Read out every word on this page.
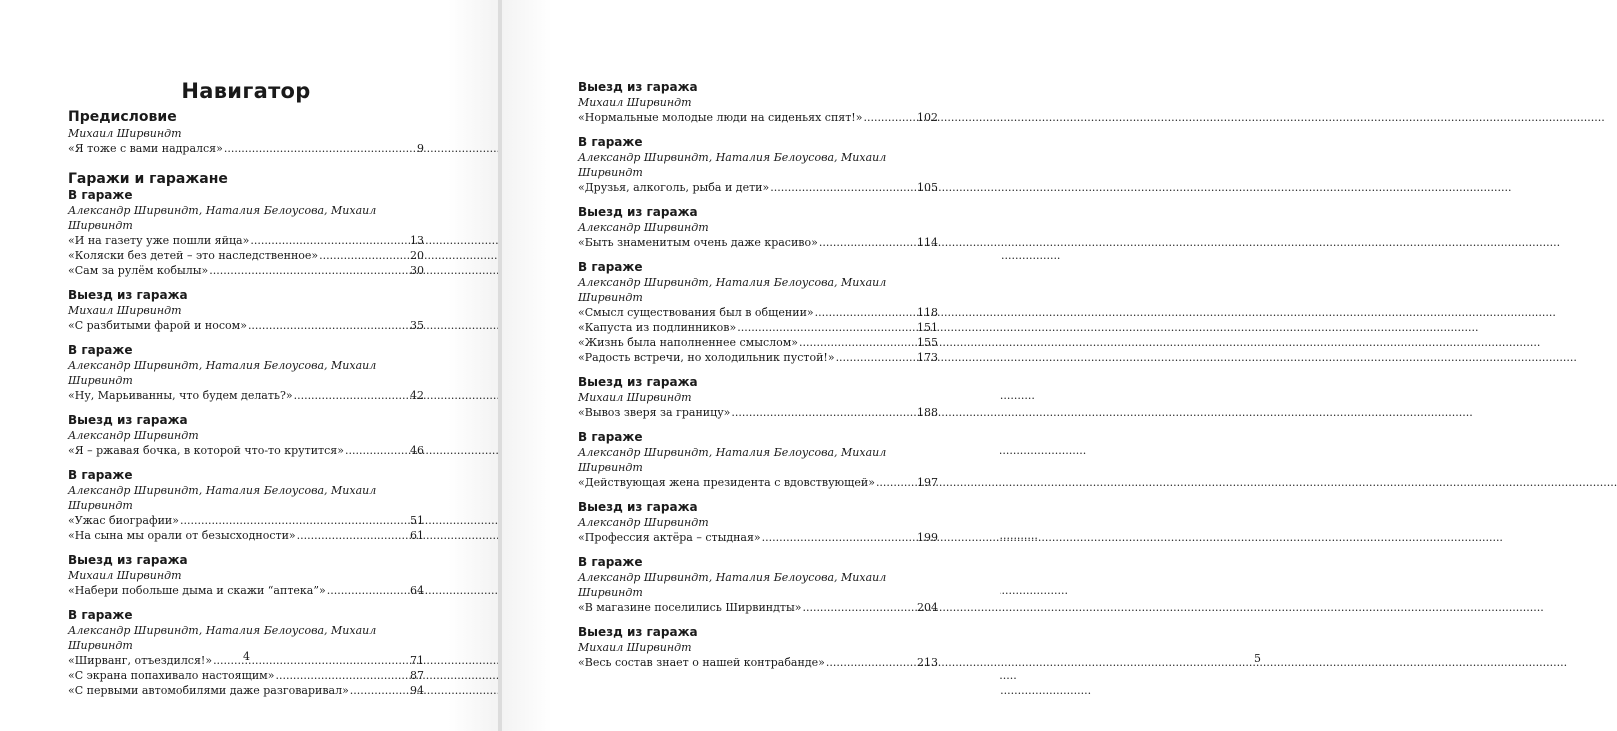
Навигатор
Предисловие
Михаил Ширвиндт
«Я тоже с вами надрался» .....	9
Гаражи и гаражане
В гараже
Александр Ширвиндт, Наталия Белоусова, Михаил Ширвиндт
«И на газету уже пошли яйца» .....	13
«Коляски без детей – это наследственное» .....	20
«Сам за рулём кобылы» .....	30
Выезд из гаража
Михаил Ширвиндт
«С разбитыми фарой и носом» .....	35
В гараже
Александр Ширвиндт, Наталия Белоусова, Михаил Ширвиндт
«Ну, Марьиванны, что будем делать?» .....	42
Выезд из гаража
Александр Ширвиндт
«Я – ржавая бочка, в которой что-то крутится» .....	46
В гараже
Александр Ширвиндт, Наталия Белоусова, Михаил Ширвиндт
«Ужас биографии» .....	51
«На сына мы орали от безысходности» .....	61
Выезд из гаража
Михаил Ширвиндт
«Набери побольше дыма и скажи “аптека”» .....	64
В гараже
Александр Ширвиндт, Наталия Белоусова, Михаил Ширвиндт
«Ширванг, отъездился!» .....	71
«С экрана попахивало настоящим» .....	87
«С первыми автомобилями даже разговаривал» .....	94
4
Выезд из гаража
Михаил Ширвиндт
«Нормальные молодые люди на сиденьях спят!» .....	102
В гараже
Александр Ширвиндт, Наталия Белоусова, Михаил Ширвиндт
«Друзья, алкоголь, рыба и дети» .....	105
Выезд из гаража
Александр Ширвиндт
«Быть знаменитым очень даже красиво» .....	114
В гараже
Александр Ширвиндт, Наталия Белоусова, Михаил Ширвиндт
«Смысл существования был в общении» .....	118
«Капуста из подлинников» .....	151
«Жизнь была наполненнее смыслом» .....	155
«Радость встречи, но холодильник пустой!» .....	173
Выезд из гаража
Михаил Ширвиндт
«Вывоз зверя за границу» .....	188
В гараже
Александр Ширвиндт, Наталия Белоусова, Михаил Ширвиндт
«Действующая жена президента с вдовствующей» .....	197
Выезд из гаража
Александр Ширвиндт
«Профессия актёра – стыдная» .....	199
В гараже
Александр Ширвиндт, Наталия Белоусова, Михаил Ширвиндт
«В магазине поселились Ширвиндты» .....	204
Выезд из гаража
Михаил Ширвиндт
«Весь состав знает о нашей контрабанде» .....	213	5
